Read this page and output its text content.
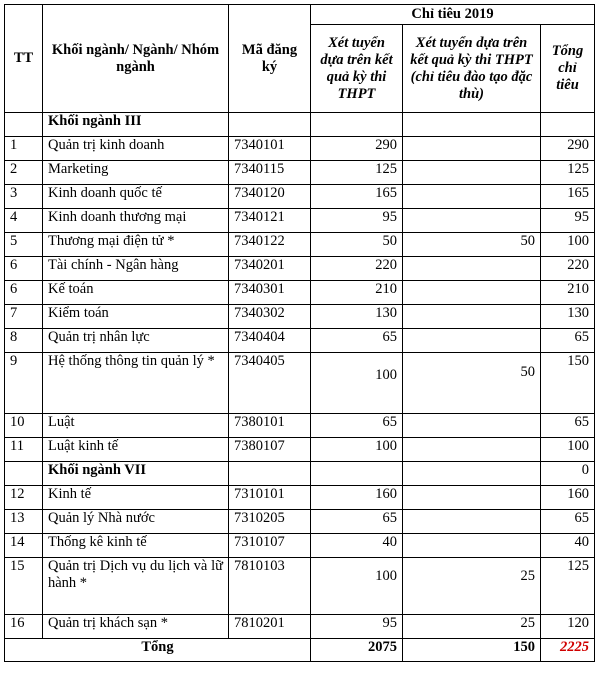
TT	Khối ngành/ Ngành/ Nhóm ngành	Mã đăng ký	Chỉ tiêu 2019		
			Xét tuyển dựa trên kết quả kỳ thi THPT	Xét tuyển dựa trên kết quả kỳ thi THPT (chỉ tiêu đào tạo đặc thù)	Tổng chỉ tiêu
	Khối ngành III				
1	Quản trị kinh doanh	7340101	290		290
2	Marketing	7340115	125		125
3	Kinh doanh quốc tế	7340120	165		165
4	Kinh doanh thương mại	7340121	95		95
5	Thương mại điện tử *	7340122	50	50	100
6	Tài chính - Ngân hàng	7340201	220		220
6	Kế toán	7340301	210		210
7	Kiểm toán	7340302	130		130
8	Quản trị nhân lực	7340404	65		65
9	Hệ thống thông tin quản lý *	7340405	100	50	150
10	Luật	7380101	65		65
11	Luật kinh tế	7380107	100		100
	Khối ngành VII				0
12	Kinh tế	7310101	160		160
13	Quản lý Nhà nước	7310205	65		65
14	Thống kê kinh tế	7310107	40		40
15	Quản trị Dịch vụ du lịch và lữ hành *	7810103	100	25	125
16	Quản trị khách sạn *	7810201	95	25	120
Tổng			2075	150	2225
